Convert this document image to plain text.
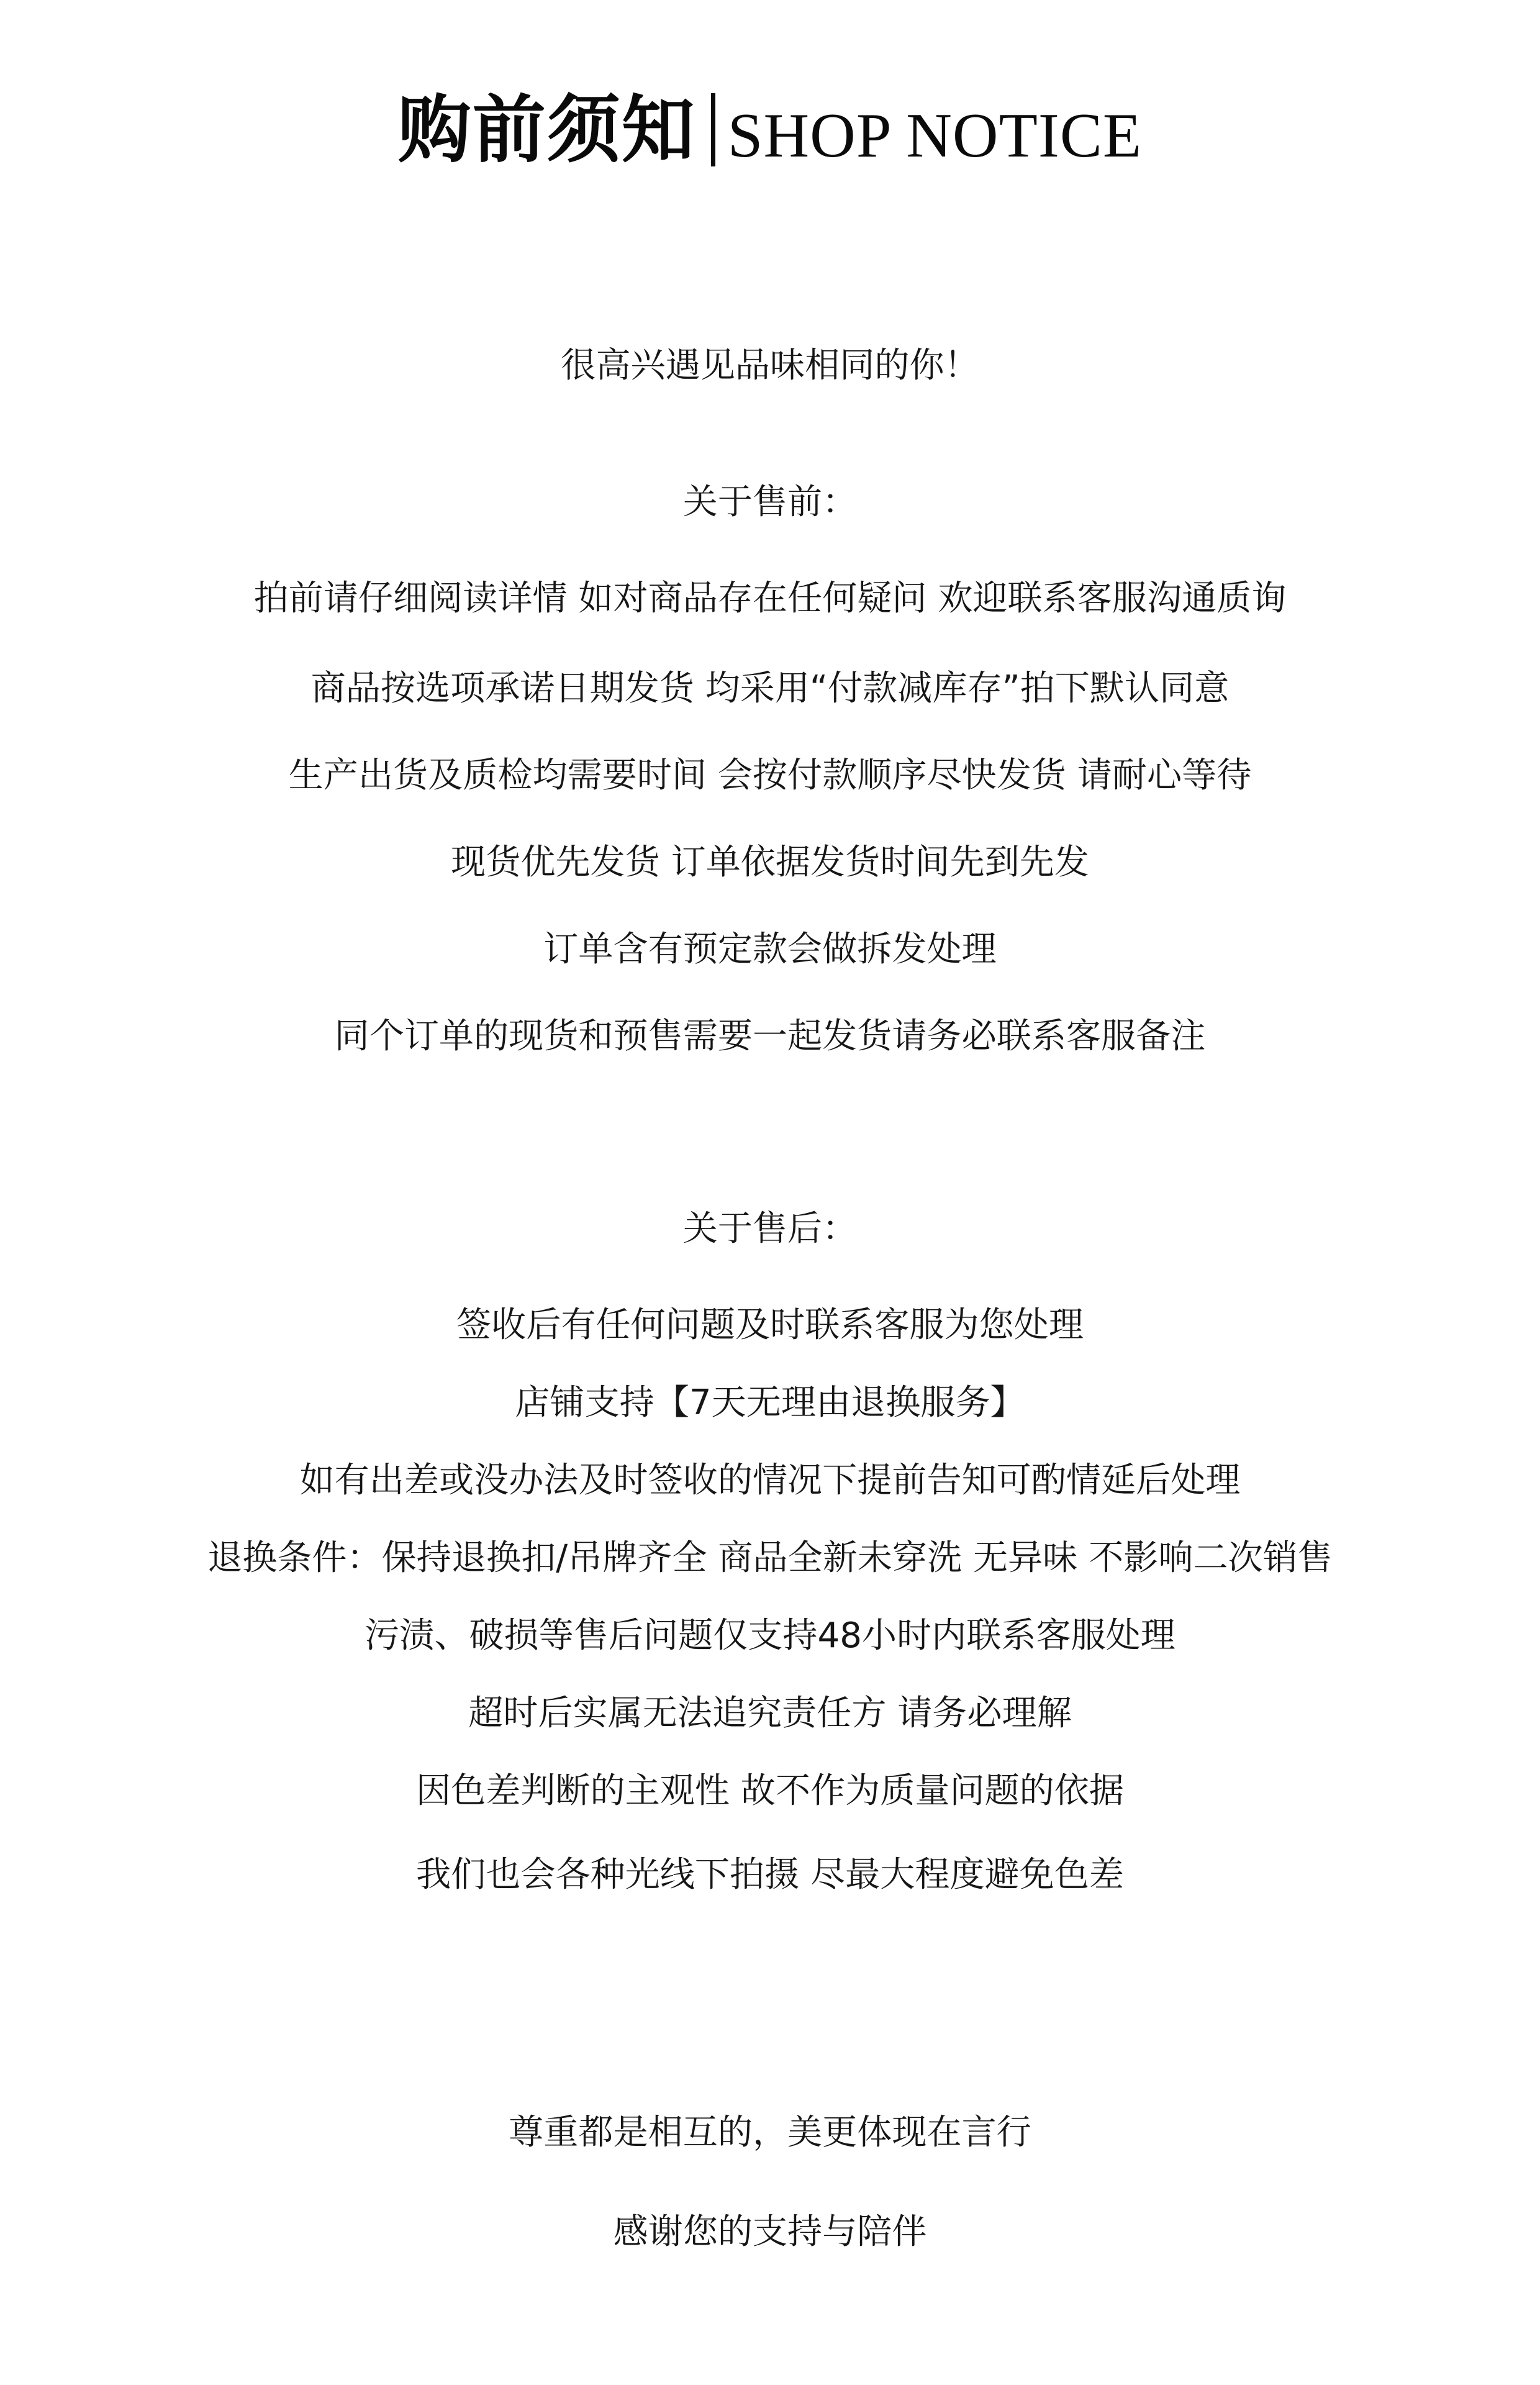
购前须知 SHOP NOTICE
很高兴遇见品味相同的你！
关于售前：
拍前请仔细阅读详情 如对商品存在任何疑问 欢迎联系客服沟通质询
商品按选项承诺日期发货 均采用“付款减库存”拍下默认同意
生产出货及质检均需要时间 会按付款顺序尽快发货 请耐心等待
现货优先发货 订单依据发货时间先到先发
订单含有预定款会做拆发处理
同个订单的现货和预售需要一起发货请务必联系客服备注
关于售后：
签收后有任何问题及时联系客服为您处理
店铺支持【7天无理由退换服务】
如有出差或没办法及时签收的情况下提前告知可酌情延后处理
退换条件：保持退换扣/吊牌齐全 商品全新未穿洗 无异味 不影响二次销售
污渍、破损等售后问题仅支持48小时内联系客服处理
超时后实属无法追究责任方 请务必理解
因色差判断的主观性 故不作为质量问题的依据
我们也会各种光线下拍摄 尽最大程度避免色差
尊重都是相互的，美更体现在言行
感谢您的支持与陪伴
